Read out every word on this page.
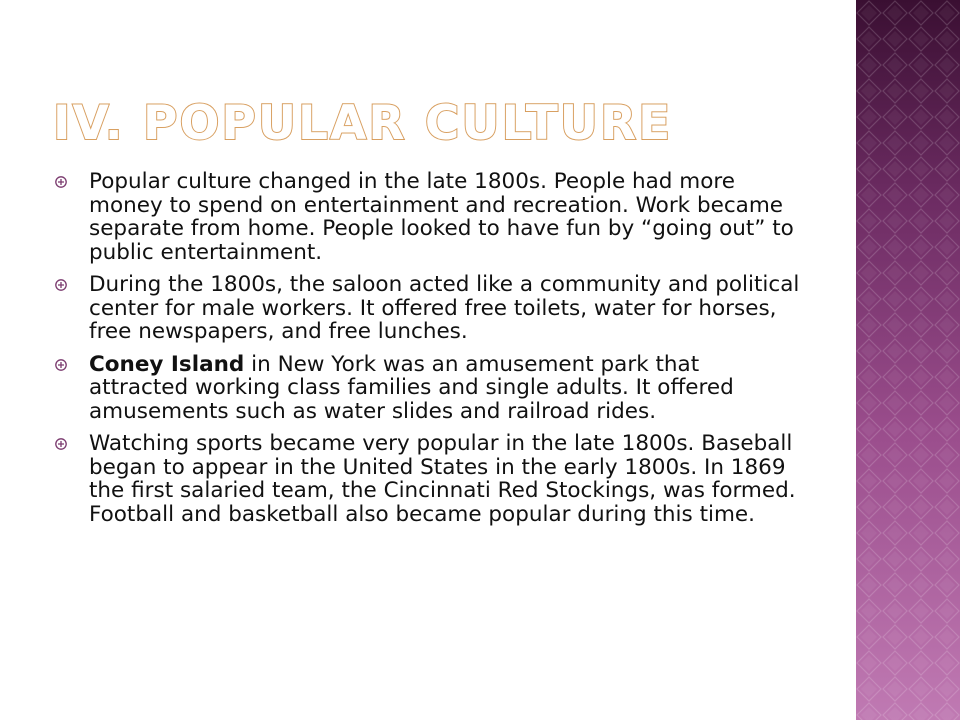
IV. POPULAR CULTURE
Popular culture changed in the late 1800s. People had more money to spend on entertainment and recreation. Work became separate from home. People looked to have fun by “going out” to public entertainment.
During the 1800s, the saloon acted like a community and political center for male workers. It offered free toilets, water for horses, free newspapers, and free lunches.
Coney Island in New York was an amusement park that attracted working class families and single adults. It offered amusements such as water slides and railroad rides.
Watching sports became very popular in the late 1800s. Baseball began to appear in the United States in the early 1800s. In 1869 the first salaried team, the Cincinnati Red Stockings, was formed. Football and basketball also became popular during this time.
